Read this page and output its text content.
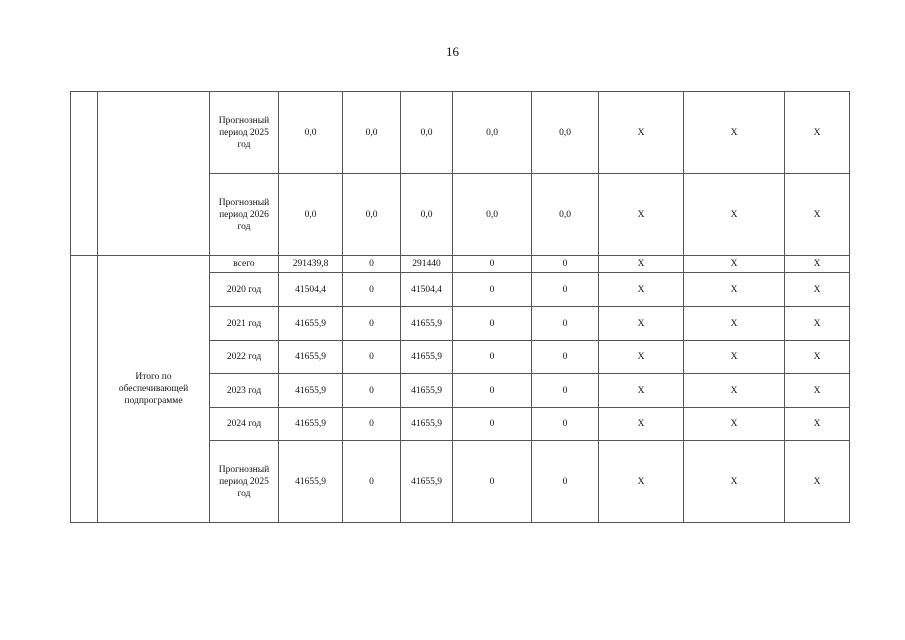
16
		Прогнозный период 2025 год	0,0	0,0	0,0	0,0	0,0	X	X	X
		Прогнозный период 2026 год	0,0	0,0	0,0	0,0	0,0	X	X	X
	Итого по обеспечивающей подпрограмме	всего	291439,8	0	291440	0	0	X	X	X
		2020 год	41504,4	0	41504,4	0	0	X	X	X
		2021 год	41655,9	0	41655,9	0	0	X	X	X
		2022 год	41655,9	0	41655,9	0	0	X	X	X
		2023 год	41655,9	0	41655,9	0	0	X	X	X
		2024 год	41655,9	0	41655,9	0	0	X	X	X
		Прогнозный период 2025 год	41655,9	0	41655,9	0	0	X	X	X
